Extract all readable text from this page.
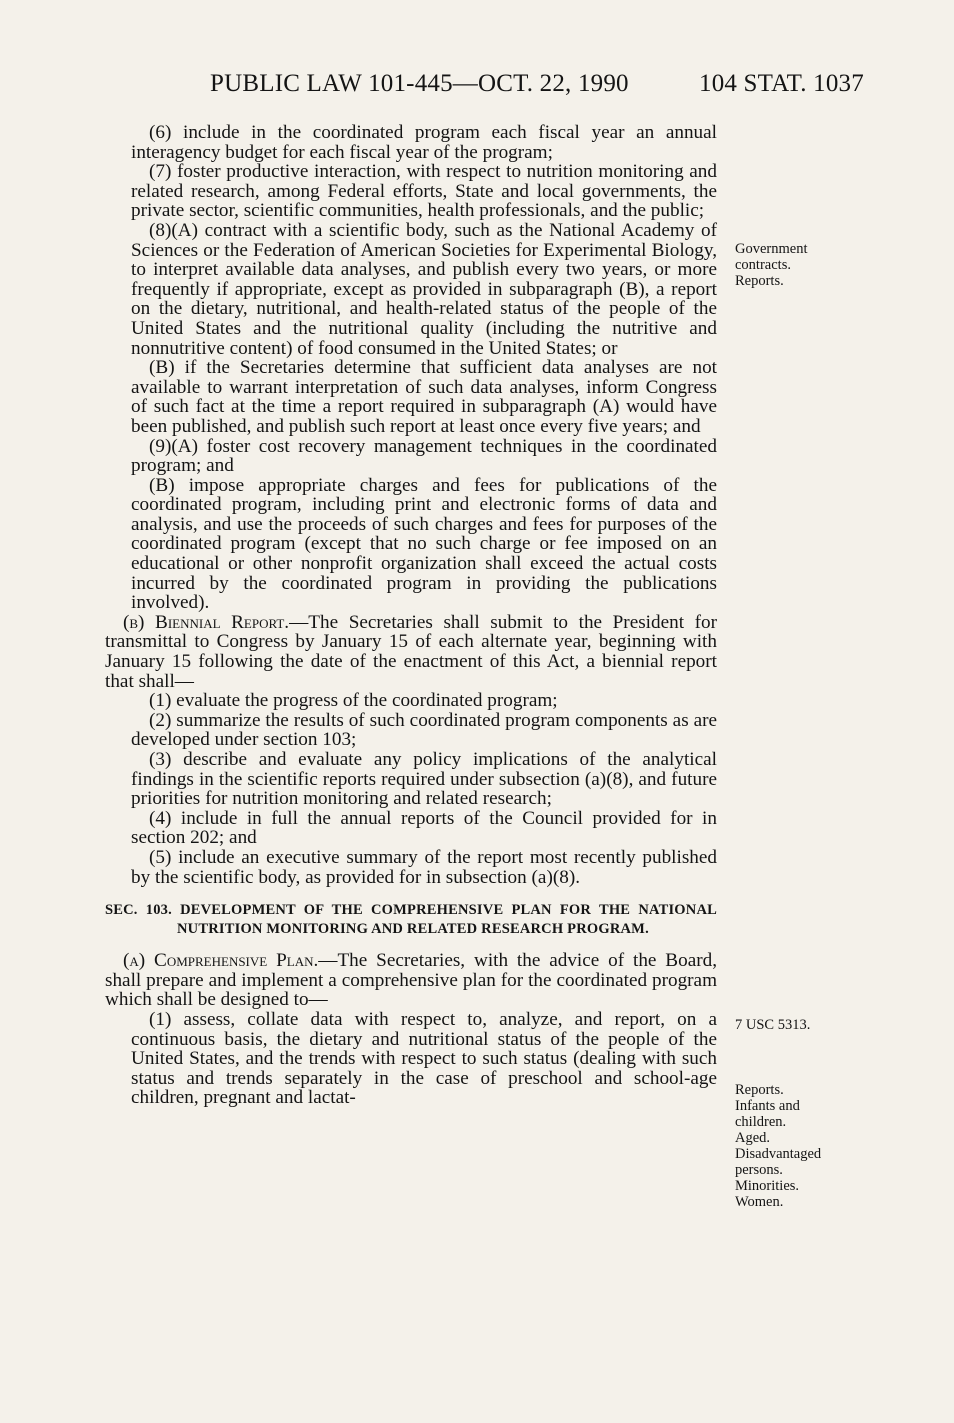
PUBLIC LAW 101-445—OCT. 22, 1990	104 STAT. 1037

(6) include in the coordinated program each fiscal year an annual interagency budget for each fiscal year of the program;

(7) foster productive interaction, with respect to nutrition monitoring and related research, among Federal efforts, State and local governments, the private sector, scientific communities, health professionals, and the public;

(8)(A) contract with a scientific body, such as the National Academy of Sciences or the Federation of American Societies for Experimental Biology, to interpret available data analyses, and publish every two years, or more frequently if appropriate, except as provided in subparagraph (B), a report on the dietary, nutritional, and health-related status of the people of the United States and the nutritional quality (including the nutritive and nonnutritive content) of food consumed in the United States; or

(B) if the Secretaries determine that sufficient data analyses are not available to warrant interpretation of such data analyses, inform Congress of such fact at the time a report required in subparagraph (A) would have been published, and publish such report at least once every five years; and

(9)(A) foster cost recovery management techniques in the coordinated program; and

(B) impose appropriate charges and fees for publications of the coordinated program, including print and electronic forms of data and analysis, and use the proceeds of such charges and fees for purposes of the coordinated program (except that no such charge or fee imposed on an educational or other nonprofit organization shall exceed the actual costs incurred by the coordinated program in providing the publications involved).

(b) Biennial Report.—The Secretaries shall submit to the President for transmittal to Congress by January 15 of each alternate year, beginning with January 15 following the date of the enactment of this Act, a biennial report that shall—

(1) evaluate the progress of the coordinated program;

(2) summarize the results of such coordinated program components as are developed under section 103;

(3) describe and evaluate any policy implications of the analytical findings in the scientific reports required under subsection (a)(8), and future priorities for nutrition monitoring and related research;

(4) include in full the annual reports of the Council provided for in section 202; and

(5) include an executive summary of the report most recently published by the scientific body, as provided for in subsection (a)(8).

SEC. 103. DEVELOPMENT OF THE COMPREHENSIVE PLAN FOR THE NATIONAL NUTRITION MONITORING AND RELATED RESEARCH PROGRAM.

(a) Comprehensive Plan.—The Secretaries, with the advice of the Board, shall prepare and implement a comprehensive plan for the coordinated program which shall be designed to—

(1) assess, collate data with respect to, analyze, and report, on a continuous basis, the dietary and nutritional status of the people of the United States, and the trends with respect to such status (dealing with such status and trends separately in the case of preschool and school-age children, pregnant and lactat-

Government
contracts.
Reports.
7 USC 5313.
Reports.
Infants and
children.
Aged.
Disadvantaged
persons.
Minorities.
Women.
